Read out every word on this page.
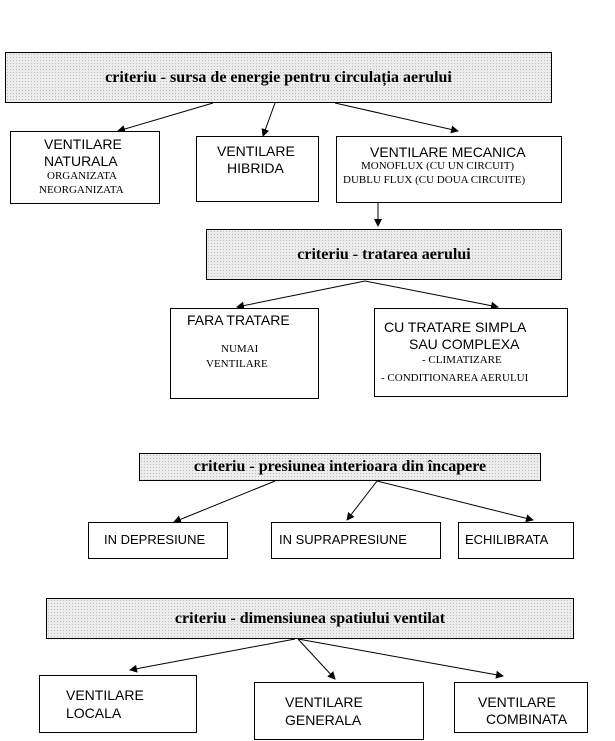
criteriu - sursa de energie pentru circulația aerului
VENTILARE
NATURALA
ORGANIZATA
NEORGANIZATA
VENTILARE
HIBRIDA
VENTILARE MECANICA
MONOFLUX (CU UN CIRCUIT)
DUBLU FLUX (CU DOUA CIRCUITE)
criteriu - tratarea aerului
FARA TRATARE
NUMAI
VENTILARE
CU TRATARE SIMPLA
SAU COMPLEXA
- CLIMATIZARE
- CONDITIONAREA AERULUI
criteriu - presiunea interioara din încapere
IN DEPRESIUNE	IN SUPRAPRESIUNE	ECHILIBRATA
criteriu - dimensiunea spatiului ventilat
VENTILARE
LOCALA
VENTILARE
GENERALA
VENTILARE
COMBINATA
